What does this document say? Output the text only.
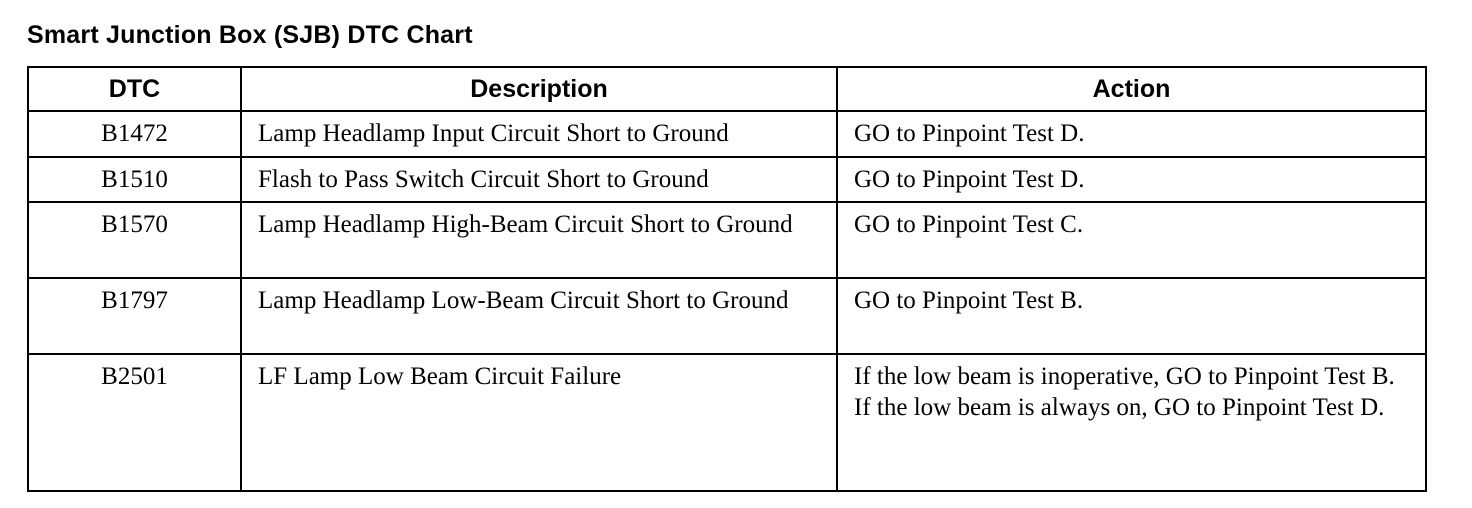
Smart Junction Box (SJB) DTC Chart
DTC	Description	Action
B1472	Lamp Headlamp Input Circuit Short to Ground	GO to Pinpoint Test D.

B1510	Flash to Pass Switch Circuit Short to Ground	GO to Pinpoint Test D.

B1570	Lamp Headlamp High-Beam Circuit Short to Ground	GO to Pinpoint Test C.

B1797	Lamp Headlamp Low-Beam Circuit Short to Ground	GO to Pinpoint Test B.

B2501	LF Lamp Low Beam Circuit Failure	If the low beam is inoperative, GO to Pinpoint Test B.
If the low beam is always on, GO to Pinpoint Test D.
